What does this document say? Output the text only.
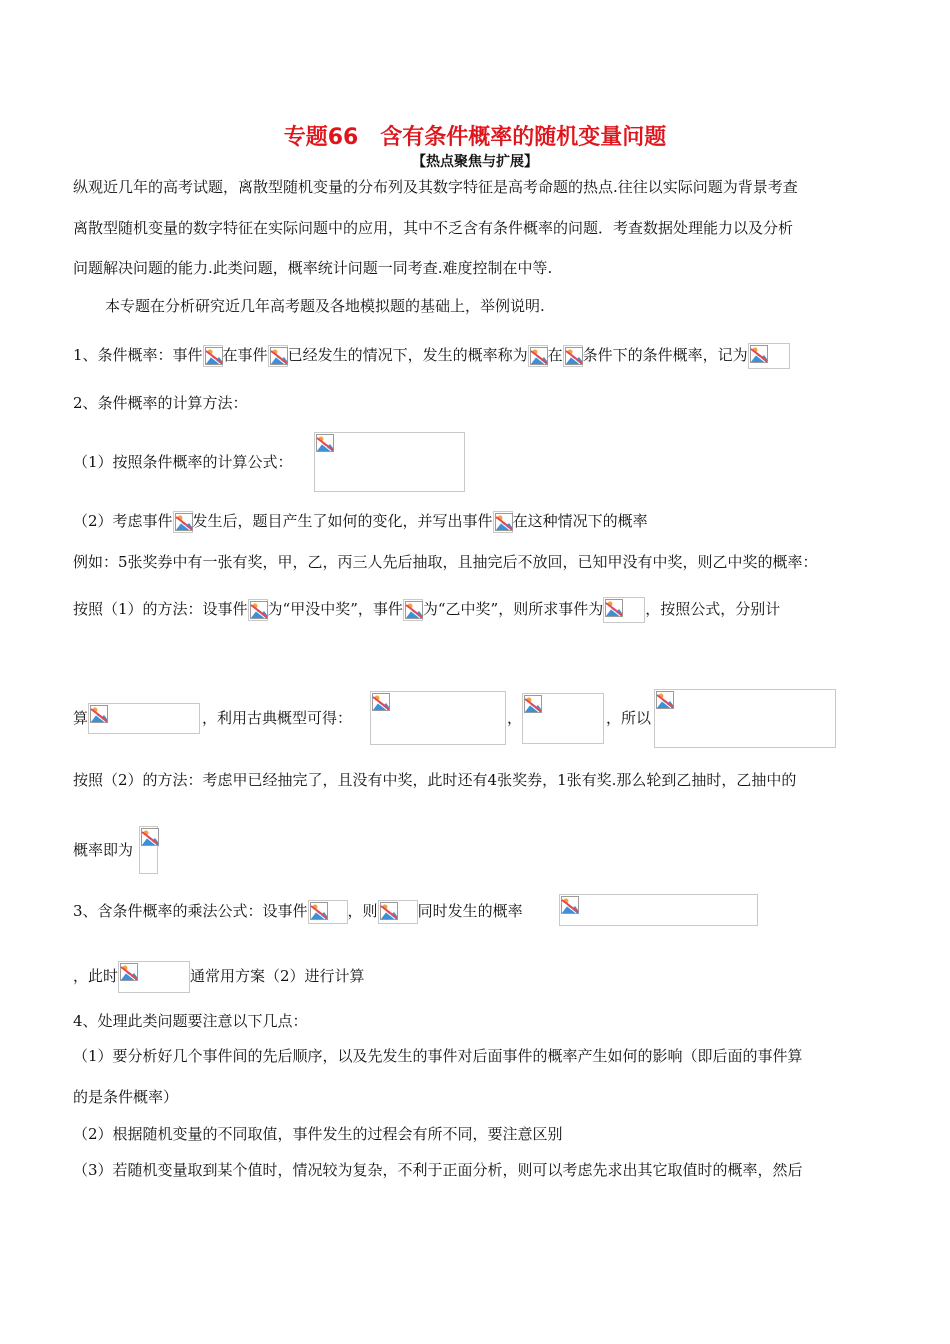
专题66　含有条件概率的随机变量问题
【热点聚焦与扩展】
纵观近几年的高考试题，离散型随机变量的分布列及其数字特征是高考命题的热点.往往以实际问题为背景考查
离散型随机变量的数字特征在实际问题中的应用，其中不乏含有条件概率的问题．考查数据处理能力以及分析
问题解决问题的能力.此类问题，概率统计问题一同考查.难度控制在中等.
本专题在分析研究近几年高考题及各地模拟题的基础上，举例说明.
1、条件概率：事件 在事件 已经发生的情况下，发生的概率称为 在 条件下的条件概率，记为
2、条件概率的计算方法：
（1）按照条件概率的计算公式：
（2）考虑事件 发生后，题目产生了如何的变化，并写出事件 在这种情况下的概率
例如：5张奖券中有一张有奖，甲，乙，丙三人先后抽取，且抽完后不放回，已知甲没有中奖，则乙中奖的概率：
按照（1）的方法：设事件 为“甲没中奖”，事件 为“乙中奖”，则所求事件为	，按照公式，分别计
算	，利用古典概型可得：	，	，所以
按照（2）的方法：考虑甲已经抽完了，且没有中奖，此时还有4张奖券，1张有奖.那么轮到乙抽时，乙抽中的
概率即为
3、含条件概率的乘法公式：设事件	，则	同时发生的概率
，此时	通常用方案（2）进行计算
4、处理此类问题要注意以下几点：
（1）要分析好几个事件间的先后顺序，以及先发生的事件对后面事件的概率产生如何的影响（即后面的事件算
的是条件概率）
（2）根据随机变量的不同取值，事件发生的过程会有所不同，要注意区别
（3）若随机变量取到某个值时，情况较为复杂，不利于正面分析，则可以考虑先求出其它取值时的概率，然后
